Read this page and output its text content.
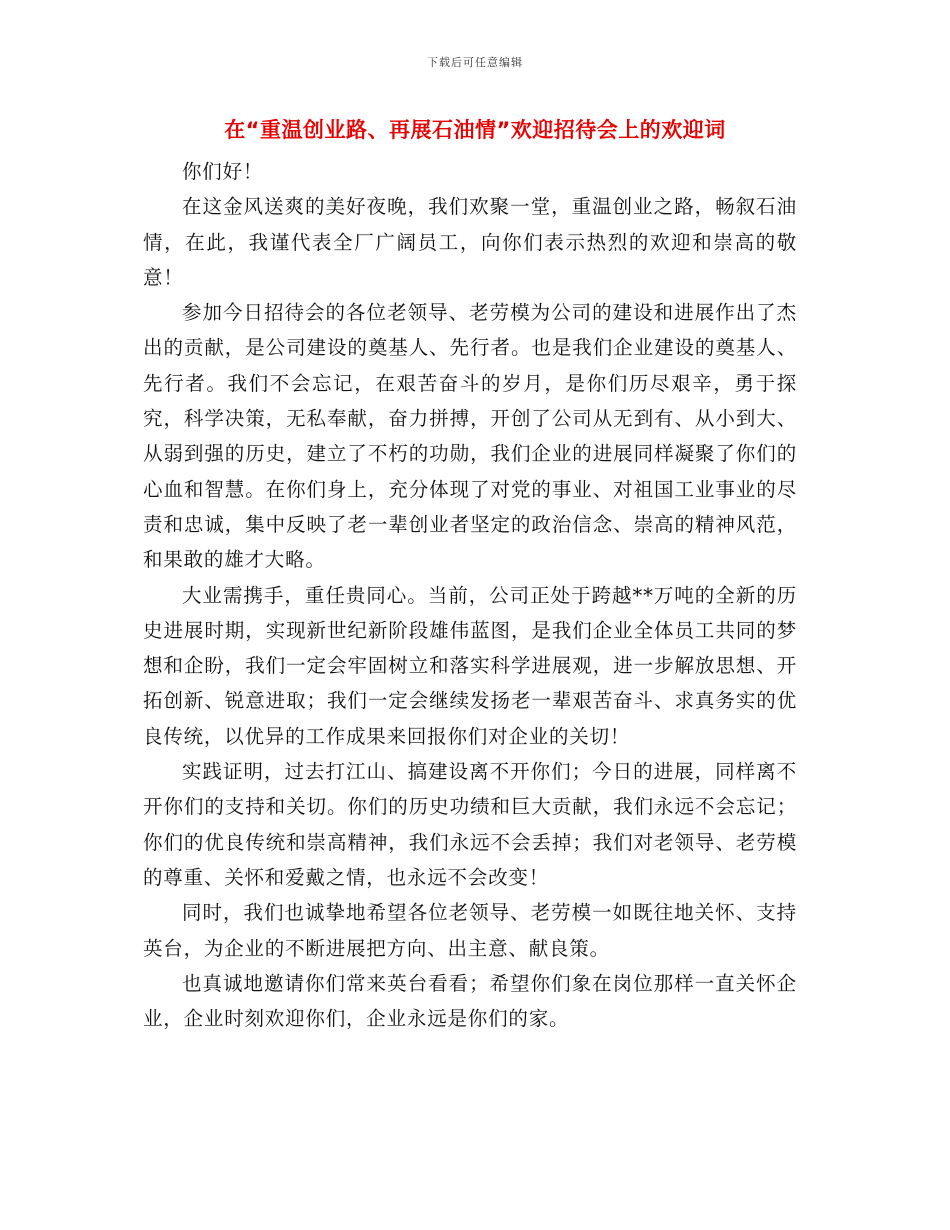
下载后可任意编辑
在“重温创业路、再展石油情”欢迎招待会上的欢迎词

你们好！

在这金风送爽的美好夜晚，我们欢聚一堂，重温创业之路，畅叙石油情，在此，我谨代表全厂广阔员工，向你们表示热烈的欢迎和崇高的敬意！

参加今日招待会的各位老领导、老劳模为公司的建设和进展作出了杰出的贡献，是公司建设的奠基人、先行者。也是我们企业建设的奠基人、先行者。我们不会忘记，在艰苦奋斗的岁月，是你们历尽艰辛，勇于探究，科学决策，无私奉献，奋力拼搏，开创了公司从无到有、从小到大、从弱到强的历史，建立了不朽的功勋，我们企业的进展同样凝聚了你们的心血和智慧。在你们身上，充分体现了对党的事业、对祖国工业事业的尽责和忠诚，集中反映了老一辈创业者坚定的政治信念、崇高的精神风范，和果敢的雄才大略。

大业需携手，重任贵同心。当前，公司正处于跨越**万吨的全新的历史进展时期，实现新世纪新阶段雄伟蓝图，是我们企业全体员工共同的梦想和企盼，我们一定会牢固树立和落实科学进展观，进一步解放思想、开拓创新、锐意进取；我们一定会继续发扬老一辈艰苦奋斗、求真务实的优良传统，以优异的工作成果来回报你们对企业的关切！

实践证明，过去打江山、搞建设离不开你们；今日的进展，同样离不开你们的支持和关切。你们的历史功绩和巨大贡献，我们永远不会忘记；你们的优良传统和崇高精神，我们永远不会丢掉；我们对老领导、老劳模的尊重、关怀和爱戴之情，也永远不会改变！

同时，我们也诚挚地希望各位老领导、老劳模一如既往地关怀、支持英台，为企业的不断进展把方向、出主意、献良策。

也真诚地邀请你们常来英台看看；希望你们象在岗位那样一直关怀企业，企业时刻欢迎你们，企业永远是你们的家。
